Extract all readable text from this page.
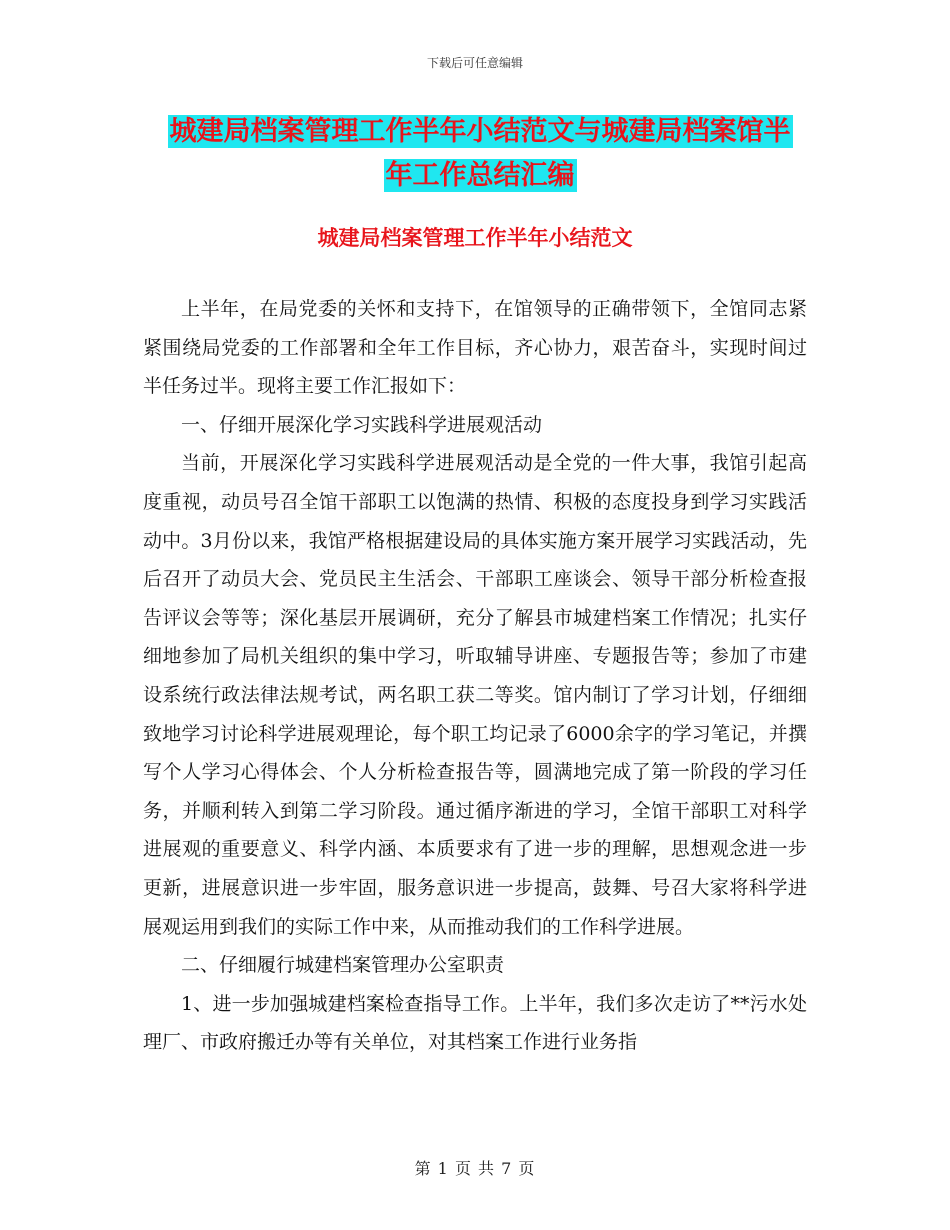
下载后可任意编辑
城建局档案管理工作半年小结范文与城建局档案馆半
年工作总结汇编
城建局档案管理工作半年小结范文

上半年，在局党委的关怀和支持下，在馆领导的正确带领下，全馆同志紧紧围绕局党委的工作部署和全年工作目标，齐心协力，艰苦奋斗，实现时间过半任务过半。现将主要工作汇报如下：

一、仔细开展深化学习实践科学进展观活动

当前，开展深化学习实践科学进展观活动是全党的一件大事，我馆引起高度重视，动员号召全馆干部职工以饱满的热情、积极的态度投身到学习实践活动中。3月份以来，我馆严格根据建设局的具体实施方案开展学习实践活动，先后召开了动员大会、党员民主生活会、干部职工座谈会、领导干部分析检查报告评议会等等；深化基层开展调研，充分了解县市城建档案工作情况；扎实仔细地参加了局机关组织的集中学习，听取辅导讲座、专题报告等；参加了市建设系统行政法律法规考试，两名职工获二等奖。馆内制订了学习计划，仔细细致地学习讨论科学进展观理论，每个职工均记录了6000余字的学习笔记，并撰写个人学习心得体会、个人分析检查报告等，圆满地完成了第一阶段的学习任务，并顺利转入到第二学习阶段。通过循序渐进的学习，全馆干部职工对科学进展观的重要意义、科学内涵、本质要求有了进一步的理解，思想观念进一步更新，进展意识进一步牢固，服务意识进一步提高，鼓舞、号召大家将科学进展观运用到我们的实际工作中来，从而推动我们的工作科学进展。

二、仔细履行城建档案管理办公室职责

1、进一步加强城建档案检查指导工作。上半年，我们多次走访了**污水处理厂、市政府搬迁办等有关单位，对其档案工作进行业务指

第 1 页 共 7 页
